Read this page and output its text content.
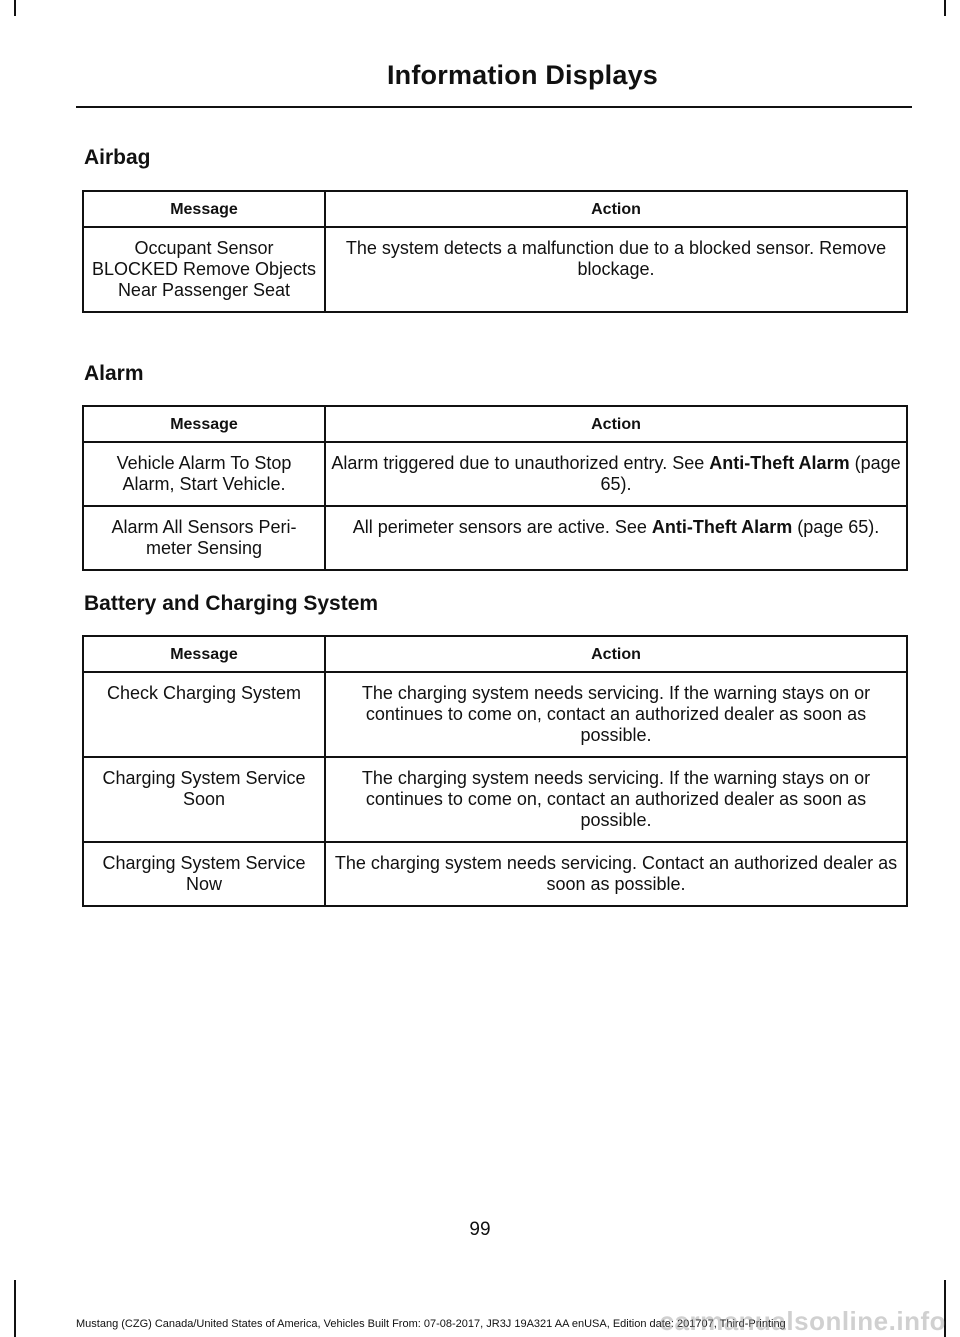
Information Displays
Airbag
Message	Action
Occupant Sensor BLOCKED Remove Objects Near Passenger Seat	The system detects a malfunction due to a blocked sensor. Remove blockage.
Alarm
Message	Action
Vehicle Alarm To Stop Alarm, Start Vehicle.	Alarm triggered due to unauthorized entry. See Anti-Theft Alarm (page 65).
Alarm All Sensors Peri-meter Sensing	All perimeter sensors are active. See Anti-Theft Alarm (page 65).
Battery and Charging System
Message	Action
Check Charging System	The charging system needs servicing. If the warning stays on or continues to come on, contact an authorized dealer as soon as possible.
Charging System Service Soon	The charging system needs servicing. If the warning stays on or continues to come on, contact an authorized dealer as soon as possible.
Charging System Service Now	The charging system needs servicing. Contact an authorized dealer as soon as possible.
99
Mustang (CZG) Canada/United States of America, Vehicles Built From: 07-08-2017, JR3J 19A321 AA enUSA, Edition date: 201707, Third-Printing
carmanualsonline.info
